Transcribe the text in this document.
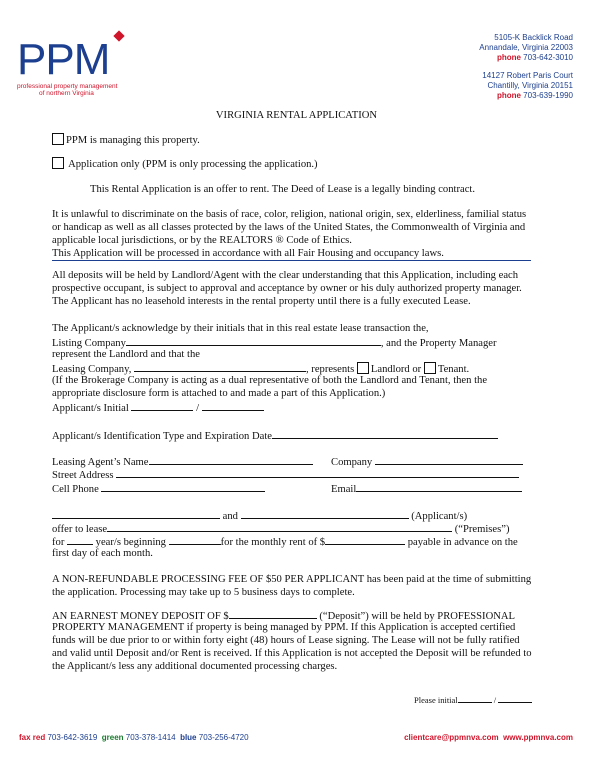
PPM
professional property management
of northern Virginia
5105-K Backlick Road
Annandale, Virginia 22003
phone 703-642-3010
14127 Robert Paris Court
Chantilly, Virginia 20151
phone 703-639-1990
VIRGINIA RENTAL APPLICATION
PPM is managing this property.
Application only (PPM is only processing the application.)
This Rental Application is an offer to rent. The Deed of Lease is a legally binding contract.
It is unlawful to discriminate on the basis of race, color, religion, national origin, sex, elderliness, familial status
or handicap as well as all classes protected by the laws of the United States, the Commonwealth of Virginia and
applicable local jurisdictions, or by the REALTORS ® Code of Ethics.
This Application will be processed in accordance with all Fair Housing and occupancy laws.
All deposits will be held by Landlord/Agent with the clear understanding that this Application, including each
prospective occupant, is subject to approval and acceptance by owner or his duly authorized property manager.
The Applicant has no leasehold interests in the rental property until there is a fully executed Lease.
The Applicant/s acknowledge by their initials that in this real estate lease transaction the,
Listing Company	, and the Property Manager
represent the Landlord and that the
Leasing Company,	, represents Landlord or Tenant.
(If the Brokerage Company is acting as a dual representative of both the Landlord and Tenant, then the
appropriate disclosure form is attached to and made a part of this Application.)
Applicant/s Initial	/
Applicant/s Identification Type and Expiration Date
Leasing Agent’s Name	Company
Street Address
Cell Phone	Email
and	(Applicant/s)
offer to lease	(“Premises”)
for  year/s beginning	for the monthly rent of $	payable in advance on the
first day of each month.
A NON-REFUNDABLE PROCESSING FEE OF $50 PER APPLICANT has been paid at the time of submitting
the application. Processing may take up to 5 business days to complete.
AN EARNEST MONEY DEPOSIT OF $	(“Deposit”) will be held by PROFESSIONAL
PROPERTY MANAGEMENT if property is being managed by PPM. If this Application is accepted certified
funds will be due prior to or within forty eight (48) hours of Lease signing. The Lease will not be fully ratified
and valid until Deposit and/or Rent is received. If this Application is not accepted the Deposit will be refunded to
the Applicant/s less any additional documented processing charges.
Please initial	/
fax red 703-642-3619 green 703-378-1414 blue 703-256-4720	clientcare@ppmnva.com www.ppmnva.com
